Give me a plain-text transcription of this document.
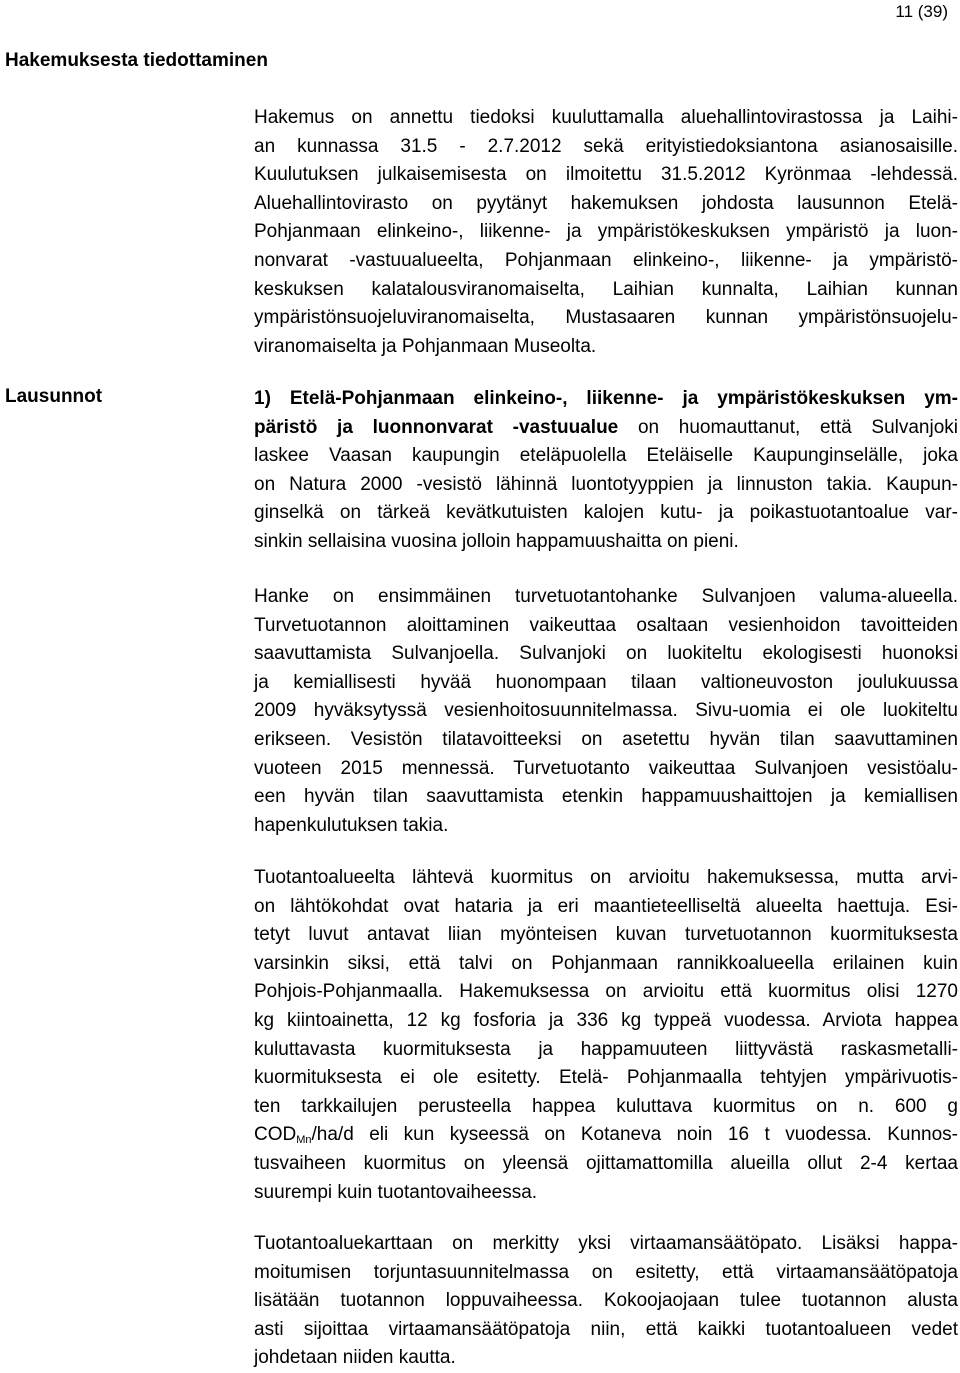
11 (39)
Hakemuksesta tiedottaminen
Hakemus on annettu tiedoksi kuuluttamalla aluehallintovirastossa ja Laihi-
an kunnassa 31.5 - 2.7.2012 sekä erityistiedoksiantona asianosaisille.
Kuulutuksen julkaisemisesta on ilmoitettu 31.5.2012 Kyrönmaa -lehdessä.
Aluehallintovirasto on pyytänyt hakemuksen johdosta lausunnon Etelä-
Pohjanmaan elinkeino-, liikenne- ja ympäristökeskuksen ympäristö ja luon-
nonvarat -vastuualueelta, Pohjanmaan elinkeino-, liikenne- ja ympäristö-
keskuksen kalatalousviranomaiselta, Laihian kunnalta, Laihian kunnan
ympäristönsuojeluviranomaiselta, Mustasaaren kunnan ympäristönsuojelu-
viranomaiselta ja Pohjanmaan Museolta.
Lausunnot	1) Etelä-Pohjanmaan elinkeino-, liikenne- ja ympäristökeskuksen ym-
päristö ja luonnonvarat -vastuualue on huomauttanut, että Sulvanjoki
laskee Vaasan kaupungin eteläpuolella Eteläiselle Kaupunginselälle, joka
on Natura 2000 -vesistö lähinnä luontotyyppien ja linnuston takia. Kaupun-
ginselkä on tärkeä kevätkutuisten kalojen kutu- ja poikastuotantoalue var-
sinkin sellaisina vuosina jolloin happamuushaitta on pieni.
Hanke on ensimmäinen turvetuotantohanke Sulvanjoen valuma-alueella.
Turvetuotannon aloittaminen vaikeuttaa osaltaan vesienhoidon tavoitteiden
saavuttamista Sulvanjoella. Sulvanjoki on luokiteltu ekologisesti huonoksi
ja kemiallisesti hyvää huonompaan tilaan valtioneuvoston joulukuussa
2009 hyväksytyssä vesienhoitosuunnitelmassa. Sivu-uomia ei ole luokiteltu
erikseen. Vesistön tilatavoitteeksi on asetettu hyvän tilan saavuttaminen
vuoteen 2015 mennessä. Turvetuotanto vaikeuttaa Sulvanjoen vesistöalu-
een hyvän tilan saavuttamista etenkin happamuushaittojen ja kemiallisen
hapenkulutuksen takia.
Tuotantoalueelta lähtevä kuormitus on arvioitu hakemuksessa, mutta arvi-
on lähtökohdat ovat hataria ja eri maantieteelliseltä alueelta haettuja. Esi-
tetyt luvut antavat liian myönteisen kuvan turvetuotannon kuormituksesta
varsinkin siksi, että talvi on Pohjanmaan rannikkoalueella erilainen kuin
Pohjois-Pohjanmaalla. Hakemuksessa on arvioitu että kuormitus olisi 1270
kg kiintoainetta, 12 kg fosforia ja 336 kg typpeä vuodessa. Arviota happea
kuluttavasta kuormituksesta ja happamuuteen liittyvästä raskasmetalli-
kuormituksesta ei ole esitetty. Etelä- Pohjanmaalla tehtyjen ympärivuotis-
ten tarkkailujen perusteella happea kuluttava kuormitus on n. 600 g
$COD_{Mn}/ha/d$ eli kun kyseessä on Kotaneva noin 16 t vuodessa. Kunnos-
tusvaiheen kuormitus on yleensä ojittamattomilla alueilla ollut 2-4 kertaa
suurempi kuin tuotantovaiheessa.
Tuotantoaluekarttaan on merkitty yksi virtaamansäätöpato. Lisäksi happa-
moitumisen torjuntasuunnitelmassa on esitetty, että virtaamansäätöpatoja
lisätään tuotannon loppuvaiheessa. Kokoojaojaan tulee tuotannon alusta
asti sijoittaa virtaamansäätöpatoja niin, että kaikki tuotantoalueen vedet
johdetaan niiden kautta.
